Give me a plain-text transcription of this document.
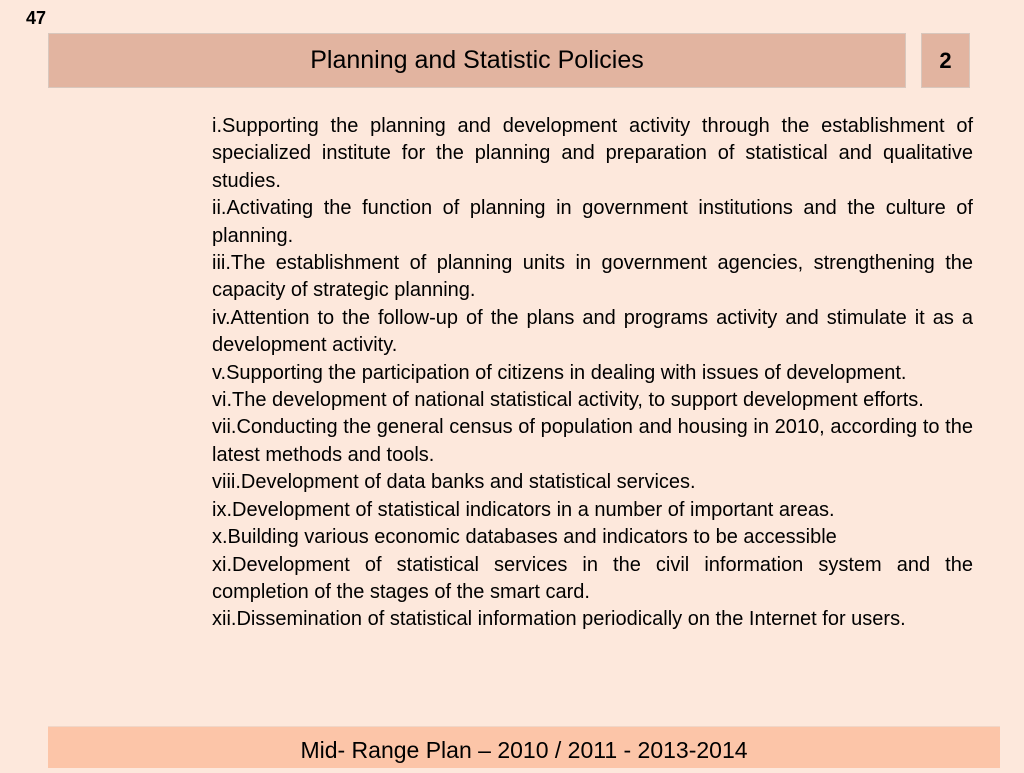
47
Planning and Statistic Policies	2
i.Supporting the planning and development activity through the establishment of specialized institute for the planning and preparation of statistical and qualitative studies.
ii.Activating the function of planning in government institutions and the culture of planning.
iii.The establishment of planning units in government agencies, strengthening the capacity of strategic planning.
iv.Attention to the follow-up of the plans and programs activity and stimulate it as a development activity.
v.Supporting the participation of citizens in dealing with issues of development.
vi.The development of national statistical activity, to support development efforts.
vii.Conducting the general census of population and housing in 2010, according to the latest methods and tools.
viii.Development of data banks and statistical services.
ix.Development of statistical indicators in a number of important areas.
x.Building various economic databases and indicators to be accessible
xi.Development of statistical services in the civil information system and the completion of the stages of the smart card.
xii.Dissemination of statistical information periodically on the Internet for users.
Mid- Range Plan – 2010 / 2011 - 2013-2014
